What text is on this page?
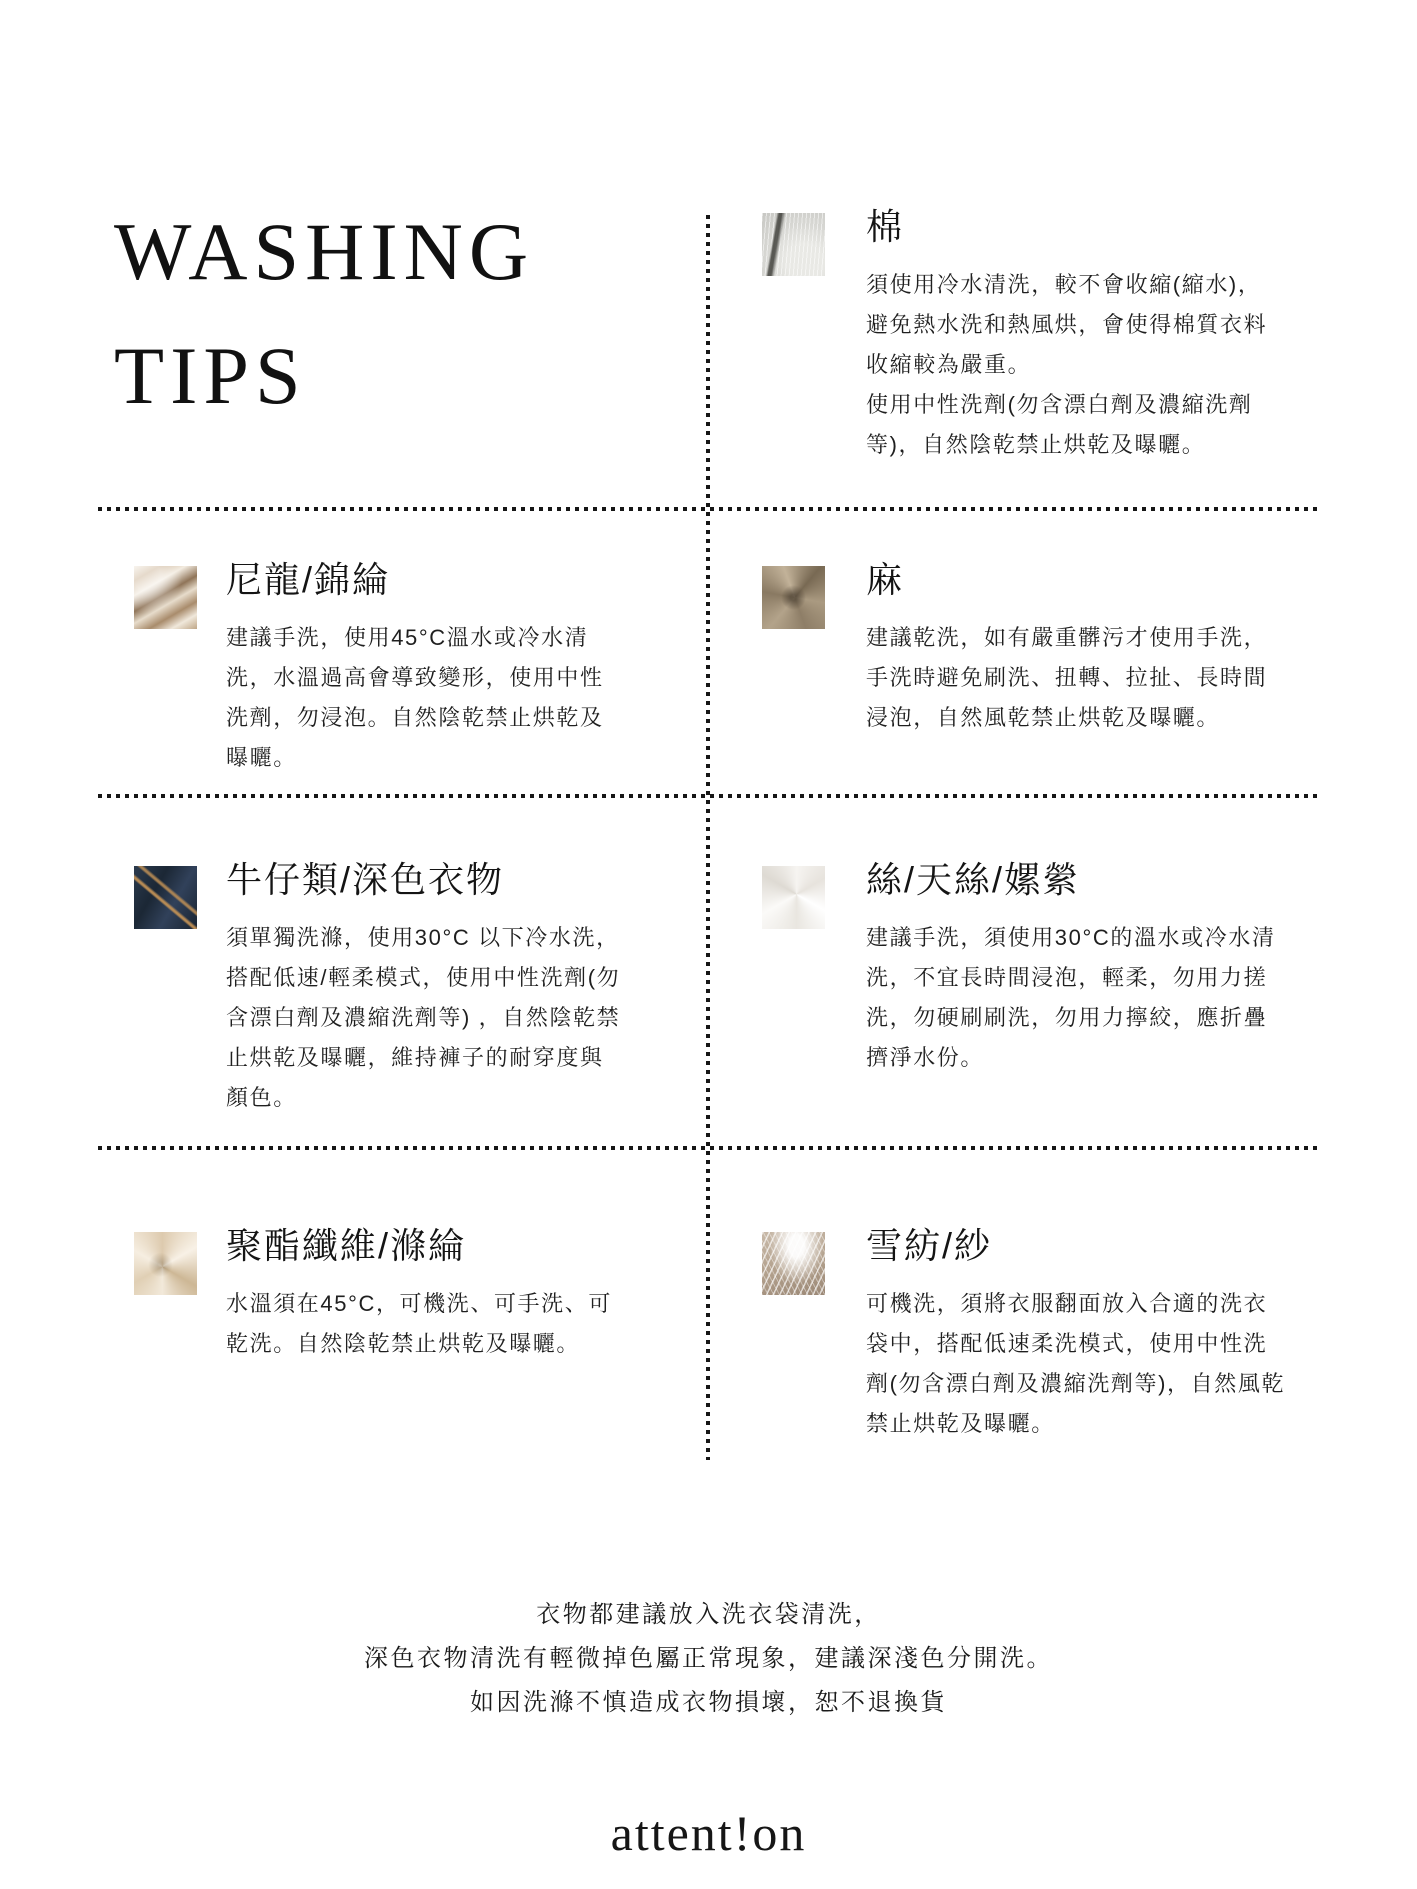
WASHING
TIPS
棉
須使用冷水清洗，較不會收縮(縮水)，
避免熱水洗和熱風烘，會使得棉質衣料
收縮較為嚴重。
使用中性洗劑(勿含漂白劑及濃縮洗劑
等)，自然陰乾禁止烘乾及曝曬。
尼龍/錦綸
建議手洗，使用45°C溫水或冷水清
洗，水溫過高會導致變形，使用中性
洗劑，勿浸泡。自然陰乾禁止烘乾及
曝曬。
麻
建議乾洗，如有嚴重髒污才使用手洗，
手洗時避免刷洗、扭轉、拉扯、長時間
浸泡，自然風乾禁止烘乾及曝曬。
牛仔類/深色衣物
須單獨洗滌，使用30°C 以下冷水洗，
搭配低速/輕柔模式，使用中性洗劑(勿
含漂白劑及濃縮洗劑等) ，自然陰乾禁
止烘乾及曝曬，維持褲子的耐穿度與
顏色。
絲/天絲/嫘縈
建議手洗，須使用30°C的溫水或冷水清
洗，不宜長時間浸泡，輕柔，勿用力搓
洗，勿硬刷刷洗，勿用力擰絞，應折疊
擠淨水份。
聚酯纖維/滌綸
水溫須在45°C，可機洗、可手洗、可
乾洗。自然陰乾禁止烘乾及曝曬。
雪紡/紗
可機洗，須將衣服翻面放入合適的洗衣
袋中，搭配低速柔洗模式，使用中性洗
劑(勿含漂白劑及濃縮洗劑等)，自然風乾
禁止烘乾及曝曬。
衣物都建議放入洗衣袋清洗，
深色衣物清洗有輕微掉色屬正常現象，建議深淺色分開洗。
如因洗滌不慎造成衣物損壞，恕不退換貨
attent!on
